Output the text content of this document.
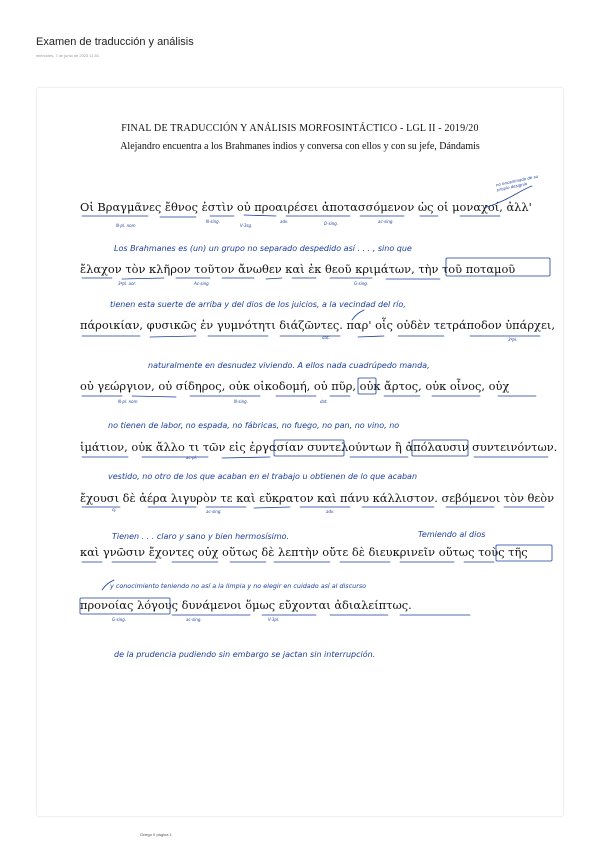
Examen de traducción y análisis
miércoles, 7 de junio de 2023 11:51
FINAL DE TRADUCCIÓN Y ANÁLISIS MORFOSINTÁCTICO - LGL II - 2019/20
Alejandro encuentra a los Brahmanes indios y conversa con ellos y con su jefe, Dándamis
Οἱ Βραγμᾶνες ἔθνος ἐστὶν οὐ προαιρέσει ἀποτασσόμενον ὡς οἱ μοναχοί, ἀλλ'
ἔλαχον τὸν κλῆρον τοῦτον ἄνωθεν καὶ ἐκ θεοῦ κριμάτων, τὴν τοῦ ποταμοῦ
πάροικίαν, φυσικῶς ἐν γυμνότητι διάζῶντες. παρ' οἷς οὐδὲν τετράποδον ὑπάρχει,
οὐ γεώργιον, οὐ σίδηρος, οὐκ οἰκοδομή, οὐ πῦρ, οὐκ ἄρτος, οὐκ οἶνος, οὐχ
ἱμάτιον, οὐκ ἄλλο τι τῶν εἰς ἐργασίαν συντελούντων ἢ ἀπόλαυσιν συντεινόντων.
ἔχουσι δὲ ἀέρα λιγυρὸν τε καὶ εὔκρατον καὶ πάνυ κάλλιστον. σεβόμενοι τὸν θεὸν
καὶ γνῶσιν ἔχοντες οὐχ οὕτως δὲ λεπτὴν οὔτε δὲ διευκρινεῖν οὕτως τοὺς τῆς
προνοίας λόγους δυνάμενοι ὅμως εὔχονται ἀδιαλείπτως.
Los Brahmanes es (un) un grupo no separado despedido así . . . , sino que
tienen esta suerte de arriba y del dios de los juicios, a la vecindad del río,
naturalmente en desnudez viviendo. A ellos nada cuadrúpedo manda,
no tienen de labor, no espada, no fábricas, no fuego, no pan, no vino, no
vestido, no otro de los que acaban en el trabajo u obtienen de lo que acaban
Tienen . . . claro y sano y bien hermosísimo.	Temiendo al dios
y conocimiento teniendo no así a la limpia y no elegir en cuidado así al discurso
de la prudencia pudiendo sin embargo se jactan sin interrupción.
no encaminado de su propio designio
N-pl. nom
N-sing.
V-3sg.
adv.	D-sing.	ac-sing.
3ºpl. aor.	Ac-sing.	G-sing.
dat.
N-pl. nom
3ºpl.
ac-pl.
cj.	ac-sing.
N-sing.
adv.
dat.
V-3pl.
G-sing.	ac-sing.
Griego II página 1
